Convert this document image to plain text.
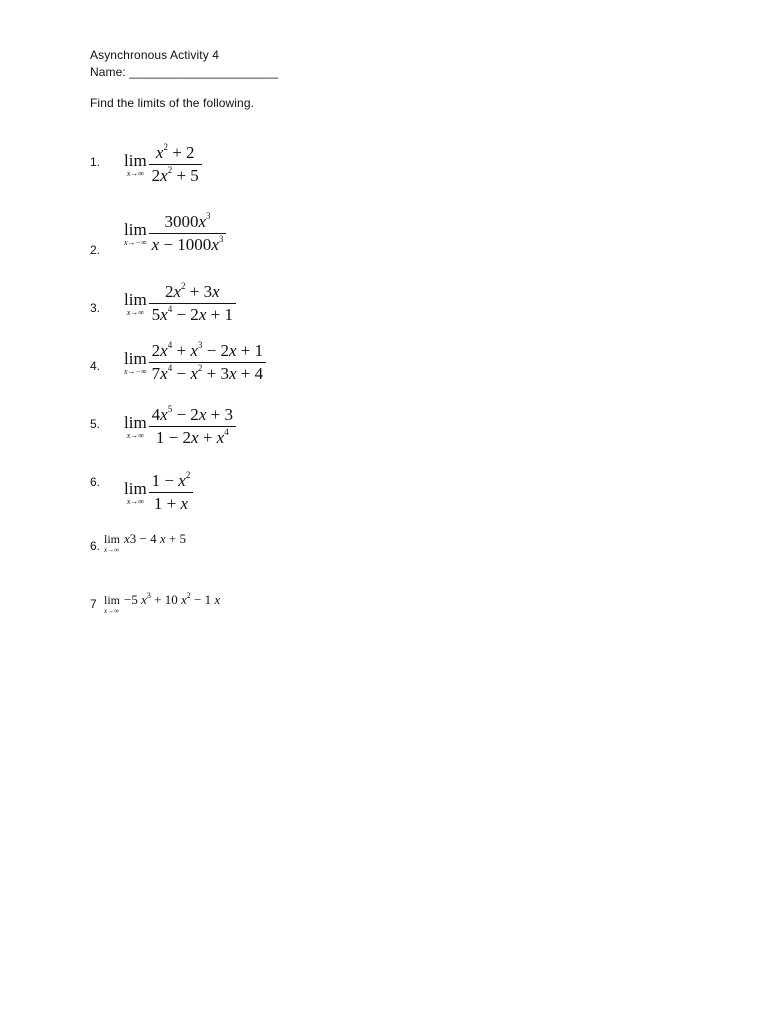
Asynchronous Activity 4
Name: ______________________
Find the limits of the following.
1. lim
$x\to\infty \frac{x^2 + 2}{2x^2 + 5}$
2.
lim
$x\to-\infty \frac{3000x^3}{x - 1000x^3}$
3. lim
$x\to\infty \frac{2x^2 + 3x}{5x^4 - 2x + 1}$
4. lim
$x\to-\infty \frac{2x^4 + x^3 - 2x + 1}{7x^4 - x^2 + 3x + 4}$
5. lim
$x\to\infty \frac{4x^5 - 2x + 3}{1 - 2x + x^4}$
6. lim
$x\to\infty \frac{1 - x^2}{1 + x}$
6. lim
x→∞
x3 − 4 x + 5
7 lim
x→∞
−5 $x^3 + 10$ $x^2 - 1$ x
